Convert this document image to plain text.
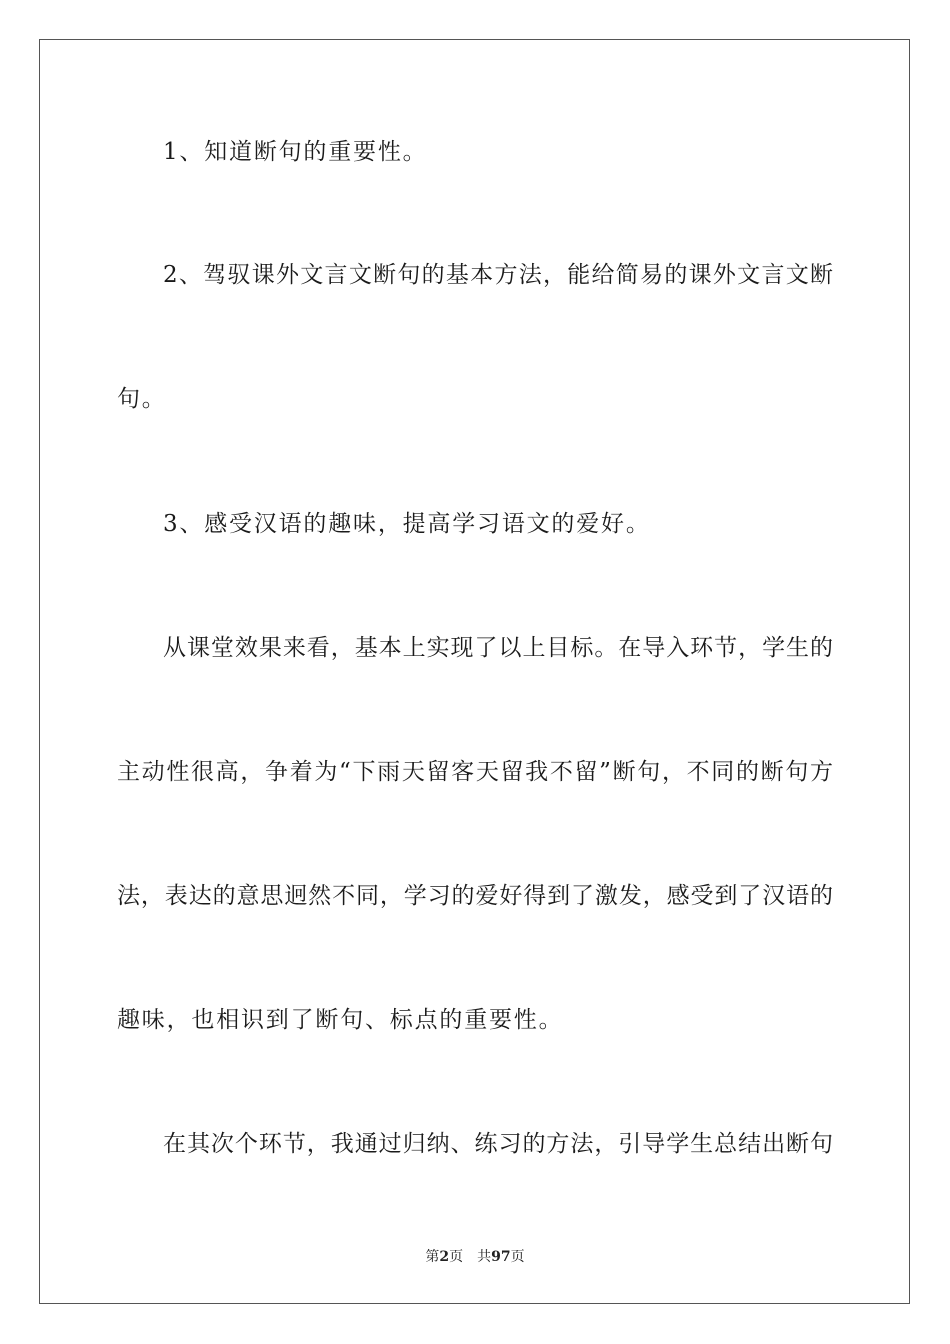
1、知道断句的重要性。
2、驾驭课外文言文断句的基本方法，能给简易的课外文言文断
句。
3、感受汉语的趣味，提高学习语文的爱好。
从课堂效果来看，基本上实现了以上目标。在导入环节，学生的
主动性很高，争着为“下雨天留客天留我不留”断句，不同的断句方
法，表达的意思迥然不同，学习的爱好得到了激发，感受到了汉语的
趣味，也相识到了断句、标点的重要性。
在其次个环节，我通过归纳、练习的方法，引导学生总结出断句
第2页 共97页
